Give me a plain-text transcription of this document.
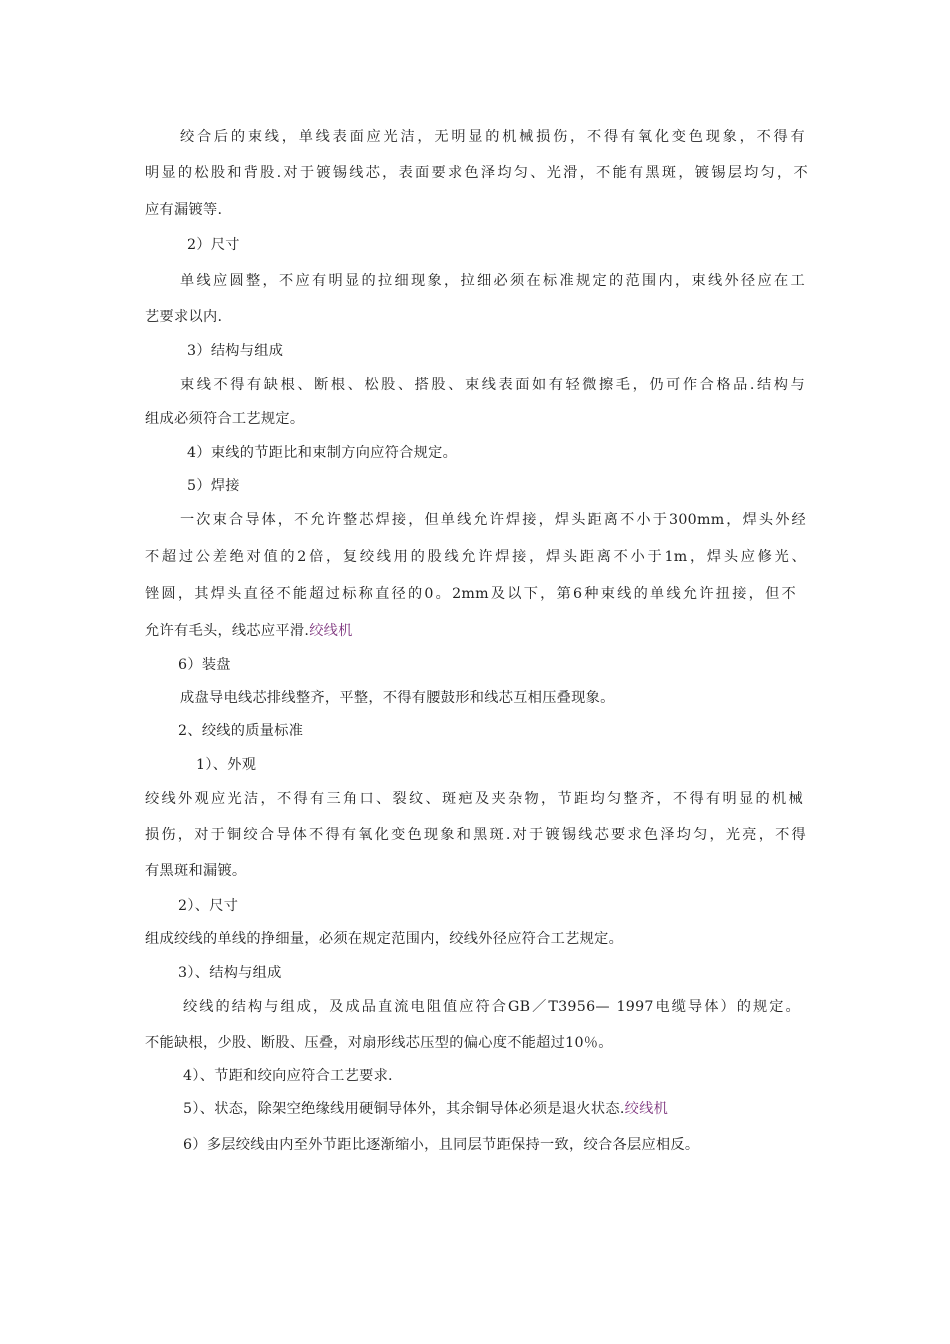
绞合后的束线，单线表面应光洁，无明显的机械损伤，不得有氧化变色现象，不得有
明显的松股和背股.对于镀锡线芯，表面要求色泽均匀、光滑，不能有黑斑，镀锡层均匀，不
应有漏镀等.
2）尺寸
单线应圆整，不应有明显的拉细现象，拉细必须在标准规定的范围内，束线外径应在工
艺要求以内.
3）结构与组成
束线不得有缺根、断根、松股、搭股、束线表面如有轻微擦毛，仍可作合格品.结构与
组成必须符合工艺规定。
4）束线的节距比和束制方向应符合规定。
5）焊接
一次束合导体，不允许整芯焊接，但单线允许焊接，焊头距离不小于300mm，焊头外经
不超过公差绝对值的2倍，复绞线用的股线允许焊接，焊头距离不小于1m，焊头应修光、
锉圆，其焊头直径不能超过标称直径的0。2mm及以下，第6种束线的单线允许扭接，但不
允许有毛头，线芯应平滑.绞线机
6）装盘
成盘导电线芯排线整齐，平整，不得有腰鼓形和线芯互相压叠现象。
2、绞线的质量标准
1）、外观
绞线外观应光洁，不得有三角口、裂纹、斑疤及夹杂物，节距均匀整齐，不得有明显的机械
损伤，对于铜绞合导体不得有氧化变色现象和黑斑.对于镀锡线芯要求色泽均匀，光亮，不得
有黑斑和漏镀。
2）、尺寸
组成绞线的单线的挣细量，必须在规定范围内，绞线外径应符合工艺规定。
3）、结构与组成
绞线的结构与组成，及成品直流电阻值应符合GB／T3956— 1997电缆导体）的规定。
不能缺根，少股、断股、压叠，对扇形线芯压型的偏心度不能超过10％。
4）、节距和绞向应符合工艺要求.
5）、状态，除架空绝缘线用硬铜导体外，其余铜导体必须是退火状态.绞线机
6）多层绞线由内至外节距比逐渐缩小，且同层节距保持一致，绞合各层应相反。
